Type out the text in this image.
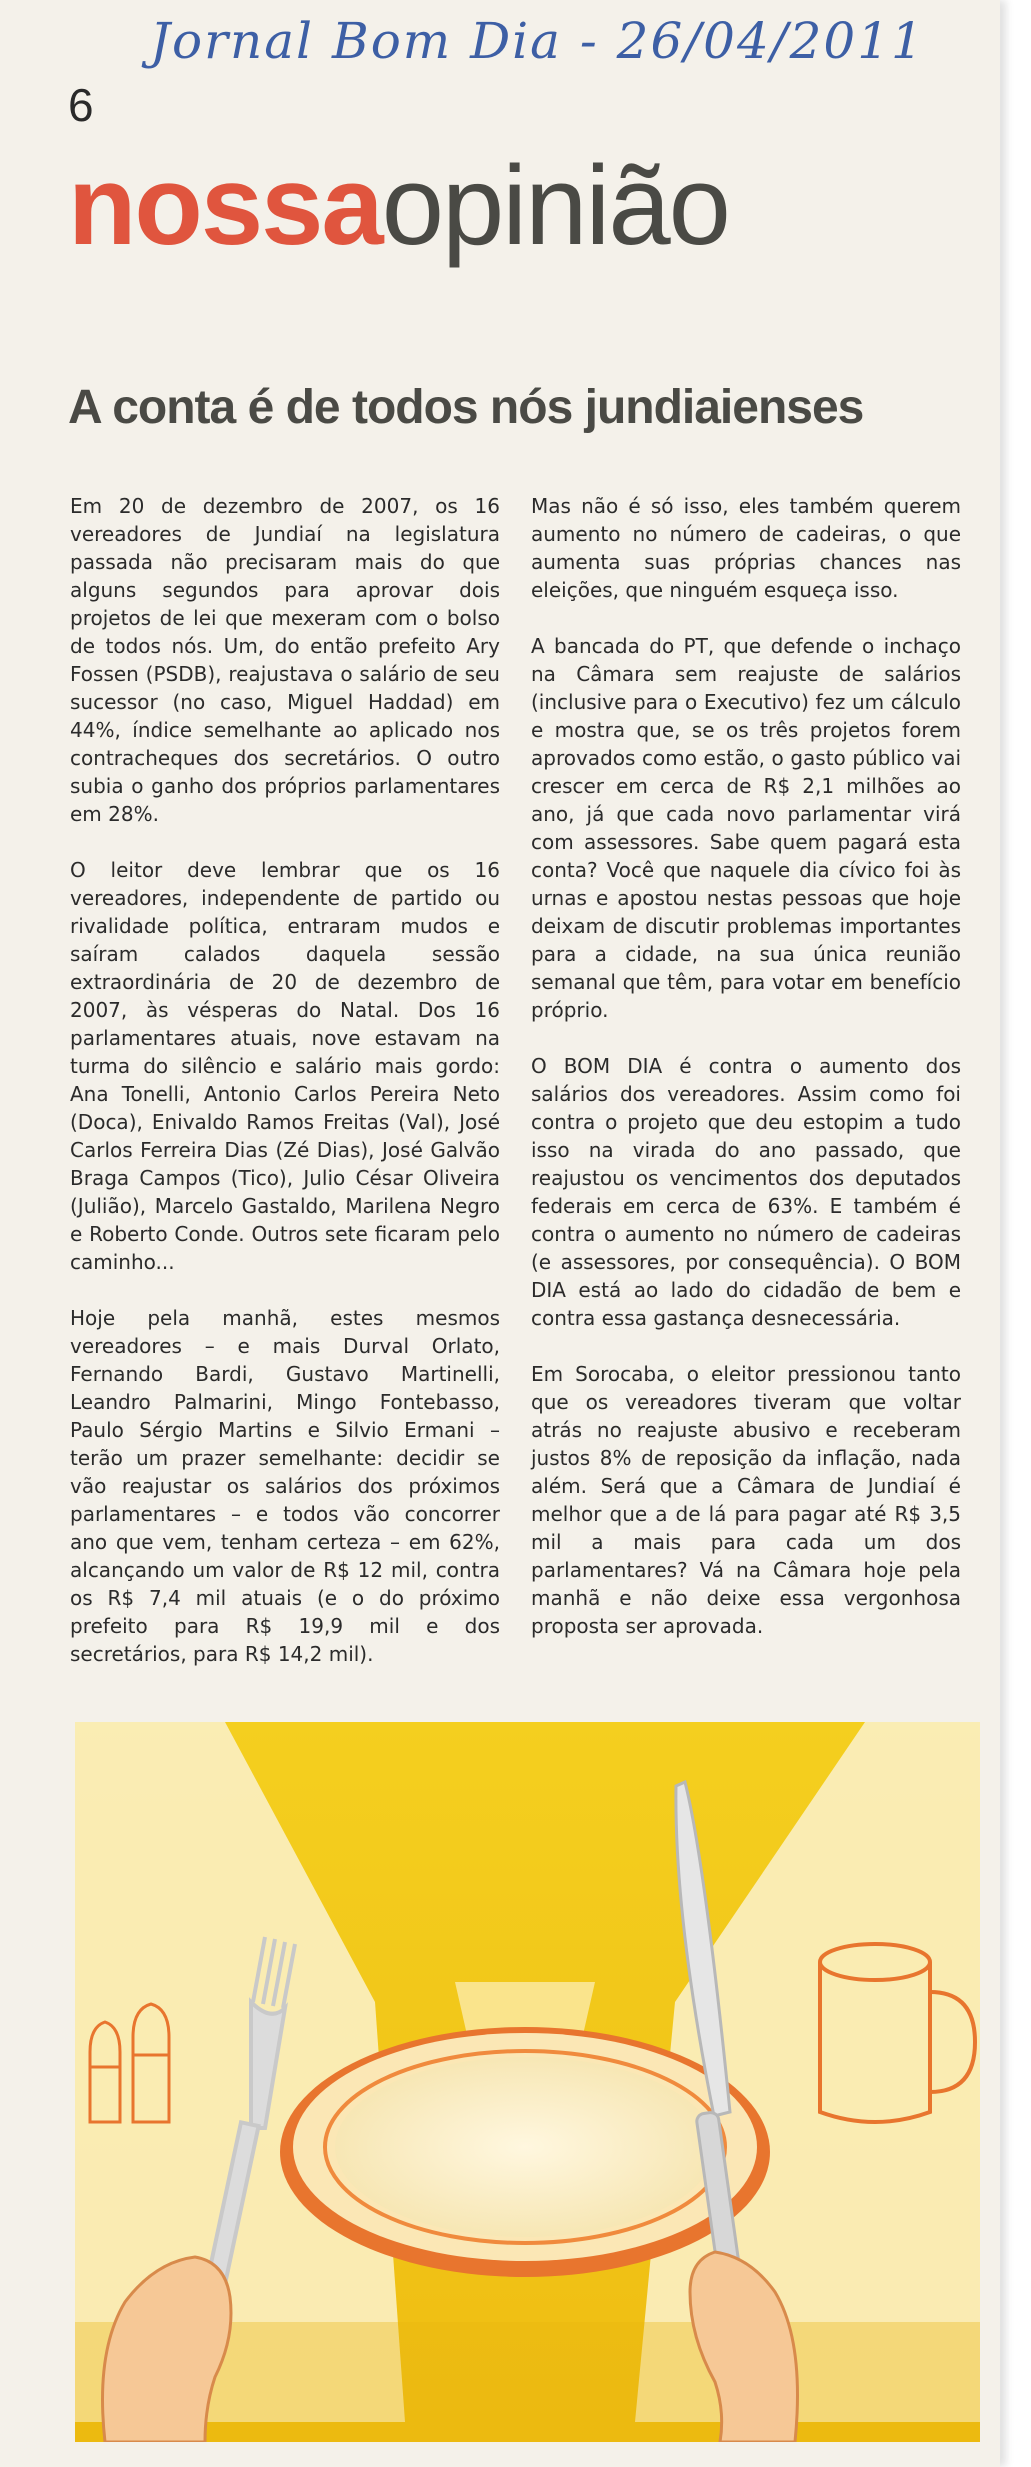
Jornal Bom Dia - 26/04/2011
6
nossaopinião
A conta é de todos nós jundiaienses

Em 20 de dezembro de 2007, os 16 vereadores de Jundiaí na legislatura passada não precisaram mais do que alguns segundos para aprovar dois projetos de lei que mexeram com o bolso de todos nós. Um, do então prefeito Ary Fossen (PSDB), reajustava o salário de seu sucessor (no caso, Miguel Haddad) em 44%, índice semelhante ao aplicado nos contracheques dos secretários. O outro subia o ganho dos próprios parlamentares em 28%.

O leitor deve lembrar que os 16 vereadores, independente de partido ou rivalidade política, entraram mudos e saíram calados daquela sessão extraordinária de 20 de dezembro de 2007, às vésperas do Natal. Dos 16 parlamentares atuais, nove estavam na turma do silêncio e salário mais gordo: Ana Tonelli, Antonio Carlos Pereira Neto (Doca), Enivaldo Ramos Freitas (Val), José Carlos Ferreira Dias (Zé Dias), José Galvão Braga Campos (Tico), Julio César Oliveira (Julião), Marcelo Gastaldo, Marilena Negro e Roberto Conde. Outros sete ficaram pelo caminho...

Hoje pela manhã, estes mesmos vereadores – e mais Durval Orlato, Fernando Bardi, Gustavo Martinelli, Leandro Palmarini, Mingo Fontebasso, Paulo Sérgio Martins e Silvio Ermani – terão um prazer semelhante: decidir se vão reajustar os salários dos próximos parlamentares – e todos vão concorrer ano que vem, tenham certeza – em 62%, alcançando um valor de R$ 12 mil, contra os R$ 7,4 mil atuais (e o do próximo prefeito para R$ 19,9 mil e dos secretários, para R$ 14,2 mil).

Mas não é só isso, eles também querem aumento no número de cadeiras, o que aumenta suas próprias chances nas eleições, que ninguém esqueça isso.

A bancada do PT, que defende o inchaço na Câmara sem reajuste de salários (inclusive para o Executivo) fez um cálculo e mostra que, se os três projetos forem aprovados como estão, o gasto público vai crescer em cerca de R$ 2,1 milhões ao ano, já que cada novo parlamentar virá com assessores. Sabe quem pagará esta conta? Você que naquele dia cívico foi às urnas e apostou nestas pessoas que hoje deixam de discutir problemas importantes para a cidade, na sua única reunião semanal que têm, para votar em benefício próprio.

O BOM DIA é contra o aumento dos salários dos vereadores. Assim como foi contra o projeto que deu estopim a tudo isso na virada do ano passado, que reajustou os vencimentos dos deputados federais em cerca de 63%. E também é contra o aumento no número de cadeiras (e assessores, por consequência). O BOM DIA está ao lado do cidadão de bem e contra essa gastança desnecessária.

Em Sorocaba, o eleitor pressionou tanto que os vereadores tiveram que voltar atrás no reajuste abusivo e receberam justos 8% de reposição da inflação, nada além. Será que a Câmara de Jundiaí é melhor que a de lá para pagar até R$ 3,5 mil a mais para cada um dos parlamentares? Vá na Câmara hoje pela manhã e não deixe essa vergonhosa proposta ser aprovada.
